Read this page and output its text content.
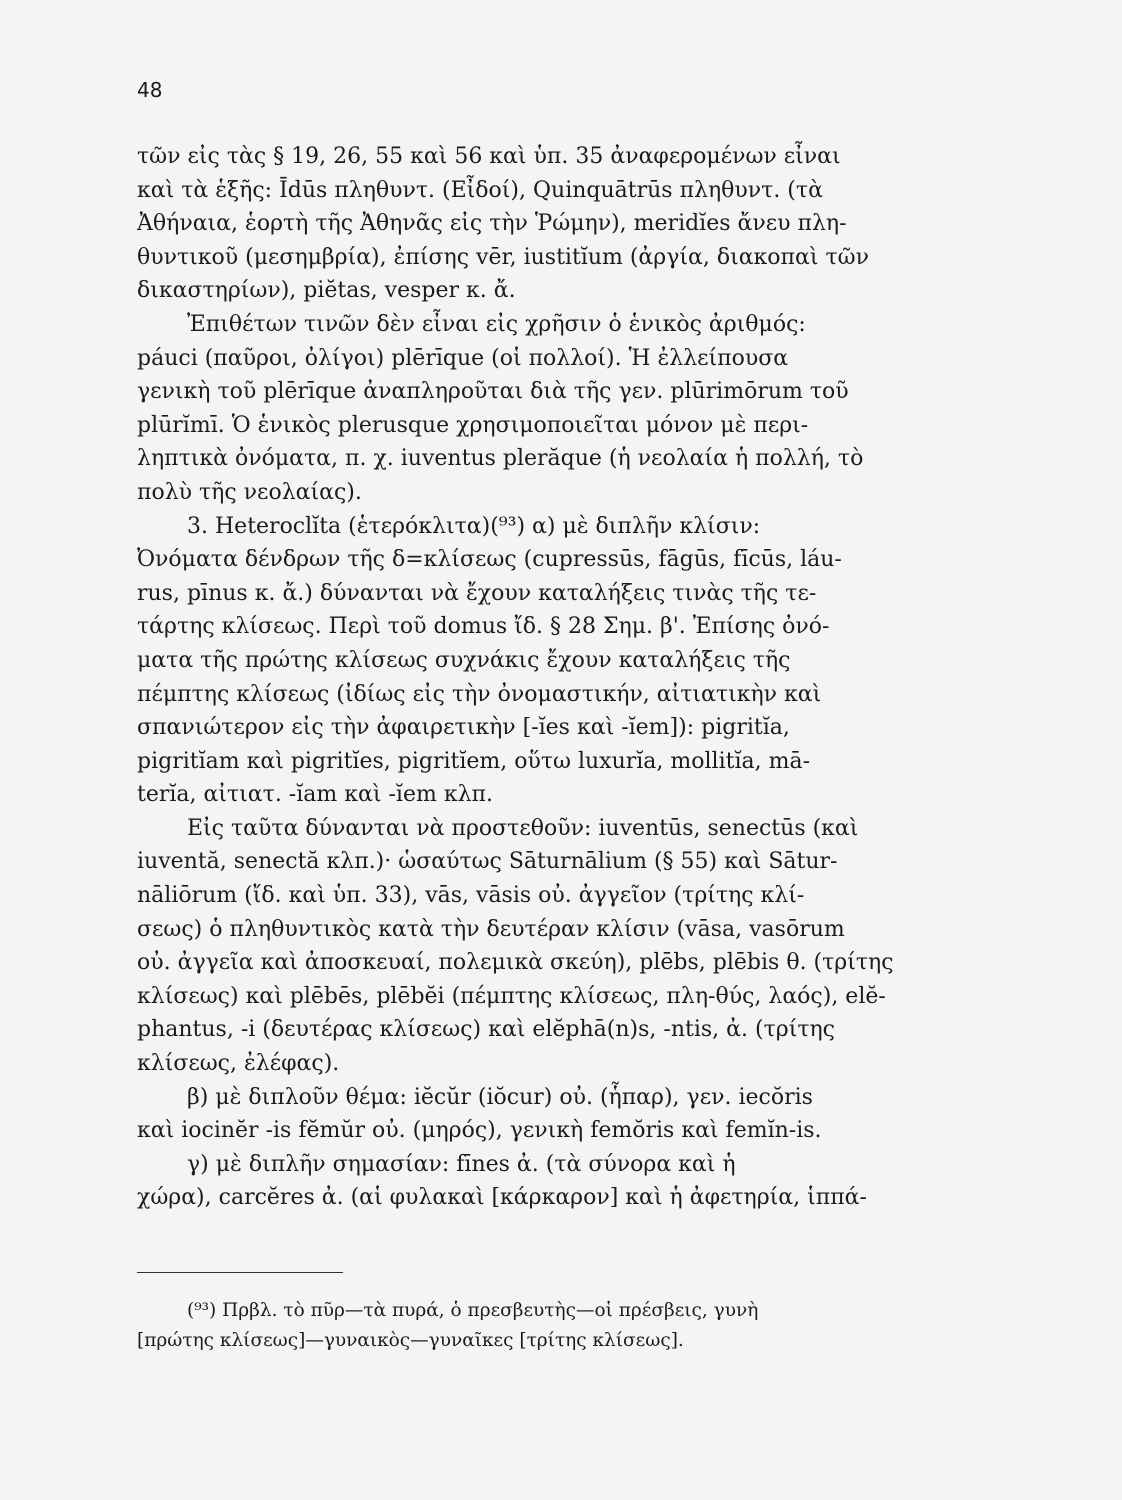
48
τῶν εἰς τὰς § 19, 26, 55 καὶ 56 καὶ ὑπ. 35 ἀναφερομένων εἶναι
καὶ τὰ ἑξῆς: Īdūs πληθυντ. (Εἶδοί), Quinquātrūs πληθυντ. (τὰ
Ἀθήναια, ἑορτὴ τῆς Ἀθηνᾶς εἰς τὴν Ῥώμην), meridĭes ἄνευ πλη-
θυντικοῦ (μεσημβρία), ἐπίσης vēr, iustitĭum (ἀργία, διακοπαὶ τῶν
δικαστηρίων), piĕtas, vesper κ. ἄ.
Ἐπιθέτων τινῶν δὲν εἶναι εἰς χρῆσιν ὁ ἑνικὸς ἀριθμός:
páuci (παῦροι, ὀλίγοι) plērīque (οἱ πολλοί). Ἡ ἐλλείπουσα
γενικὴ τοῦ plērīque ἀναπληροῦται διὰ τῆς γεν. plūrimōrum τοῦ
plūrĭmī. Ὁ ἑνικὸς plerusque χρησιμοποιεῖται μόνον μὲ περι-
ληπτικὰ ὀνόματα, π. χ. iuventus plerăque (ἡ νεολαία ἡ πολλή, τὸ
πολὺ τῆς νεολαίας).
3. Heteroclĭta (ἑτερόκλιτα)(⁹³) α) μὲ διπλῆν κλίσιν:
Ὀνόματα δένδρων τῆς δ=κλίσεως (cupressūs, fāgūs, fīcūs, láu-
rus, pīnus κ. ἄ.) δύνανται νὰ ἔχουν καταλήξεις τινὰς τῆς τε-
τάρτης κλίσεως. Περὶ τοῦ domus ἴδ. § 28 Σημ. β'. Ἐπίσης ὀνό-
ματα τῆς πρώτης κλίσεως συχνάκις ἔχουν καταλήξεις τῆς
πέμπτης κλίσεως (ἰδίως εἰς τὴν ὀνομαστικήν, αἰτιατικὴν καὶ
σπανιώτερον εἰς τὴν ἀφαιρετικὴν [-ĭes καὶ -ĭem]): pigritĭa,
pigritĭam καὶ pigritĭes, pigritĭem, οὕτω luxurĭa, mollitĭa, mā-
terĭa, αἰτιατ. -ĭam καὶ -ĭem κλπ.
Εἰς ταῦτα δύνανται νὰ προστεθοῦν: iuventūs, senectūs (καὶ
iuventă, senectă κλπ.)· ὡσαύτως Sāturnālium (§ 55) καὶ Sātur-
nāliōrum (ἴδ. καὶ ὑπ. 33), vās, vāsis οὐ. ἀγγεῖον (τρίτης κλί-
σεως) ὁ πληθυντικὸς κατὰ τὴν δευτέραν κλίσιν (vāsa, vasōrum
οὐ. ἀγγεῖα καὶ ἀποσκευαί, πολεμικὰ σκεύη), plēbs, plēbis θ. (τρίτης
κλίσεως) καὶ plēbēs, plēbĕi (πέμπτης κλίσεως, πλη-θύς, λαός), elĕ-
phantus, -i (δευτέρας κλίσεως) καὶ elĕphā(n)s, -ntis, ἀ. (τρίτης
κλίσεως, ἐλέφας).
β) μὲ διπλοῦν θέμα: iĕcŭr (iŏcur) οὐ. (ἧπαρ), γεν. iecŏris
καὶ iocinĕr -is fĕmŭr οὐ. (μηρός), γενικὴ femŏris καὶ femĭn-is.
γ) μὲ διπλῆν σημασίαν: fīnes ἀ. (τὰ σύνορα καὶ ἡ
χώρα), carcĕres ἀ. (αἱ φυλακαὶ [κάρκαρον] καὶ ἡ ἀφετηρία, ἱππά-
(⁹³) Πρβλ. τὸ πῦρ—τὰ πυρά, ὁ πρεσβευτὴς—οἱ πρέσβεις, γυνὴ
[πρώτης κλίσεως]—γυναικὸς—γυναῖκες [τρίτης κλίσεως].
